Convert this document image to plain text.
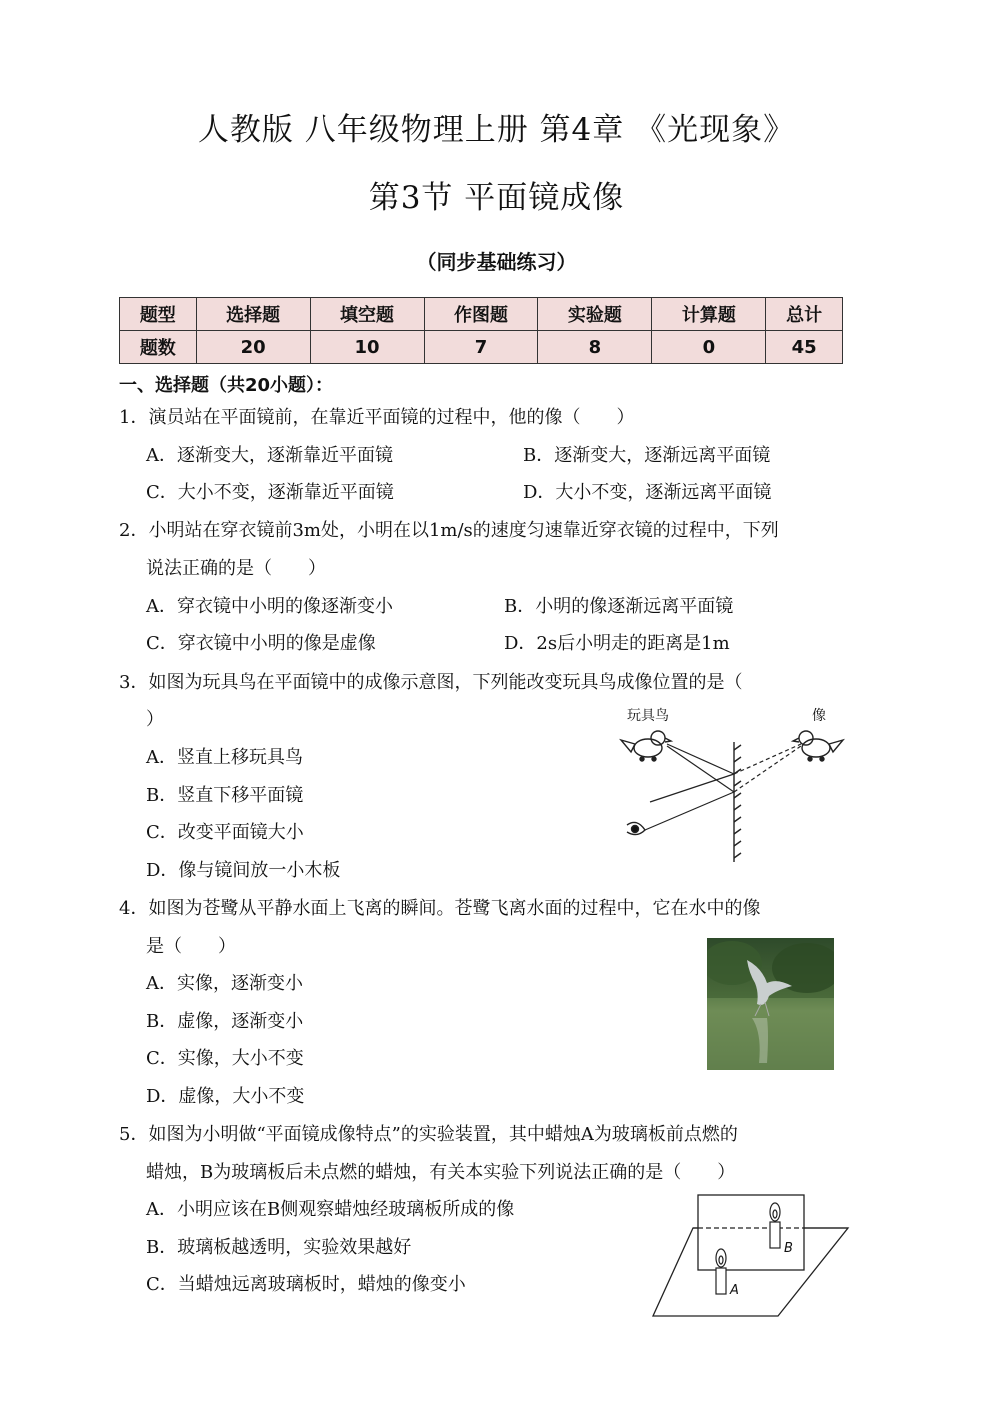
人教版 八年级物理上册 第4章 《光现象》
第3节 平面镜成像
（同步基础练习）
题型	选择题	填空题	作图题	实验题	计算题	总计
题数	20	10	7	8	0	45
一、选择题（共20小题）：
1．演员站在平面镜前，在靠近平面镜的过程中，他的像（　　）
A．逐渐变大，逐渐靠近平面镜	B．逐渐变大，逐渐远离平面镜
C．大小不变，逐渐靠近平面镜	D．大小不变，逐渐远离平面镜
2．小明站在穿衣镜前3m处，小明在以1m/s的速度匀速靠近穿衣镜的过程中，下列
说法正确的是（　　）
A．穿衣镜中小明的像逐渐变小	B．小明的像逐渐远离平面镜
C．穿衣镜中小明的像是虚像	D．2s后小明走的距离是1m
3．如图为玩具鸟在平面镜中的成像示意图，下列能改变玩具鸟成像位置的是（
）
A．竖直上移玩具鸟
B．竖直下移平面镜
C．改变平面镜大小
D．像与镜间放一小木板
玩具鸟	像
4．如图为苍鹭从平静水面上飞离的瞬间。苍鹭飞离水面的过程中，它在水中的像
是（　　）
A．实像，逐渐变小
B．虚像，逐渐变小
C．实像，大小不变
D．虚像，大小不变
5．如图为小明做“平面镜成像特点”的实验装置，其中蜡烛A为玻璃板前点燃的
蜡烛，B为玻璃板后未点燃的蜡烛，有关本实验下列说法正确的是（　　）
A．小明应该在B侧观察蜡烛经玻璃板所成的像
B．玻璃板越透明，实验效果越好
C．当蜡烛远离玻璃板时，蜡烛的像变小	A
B
